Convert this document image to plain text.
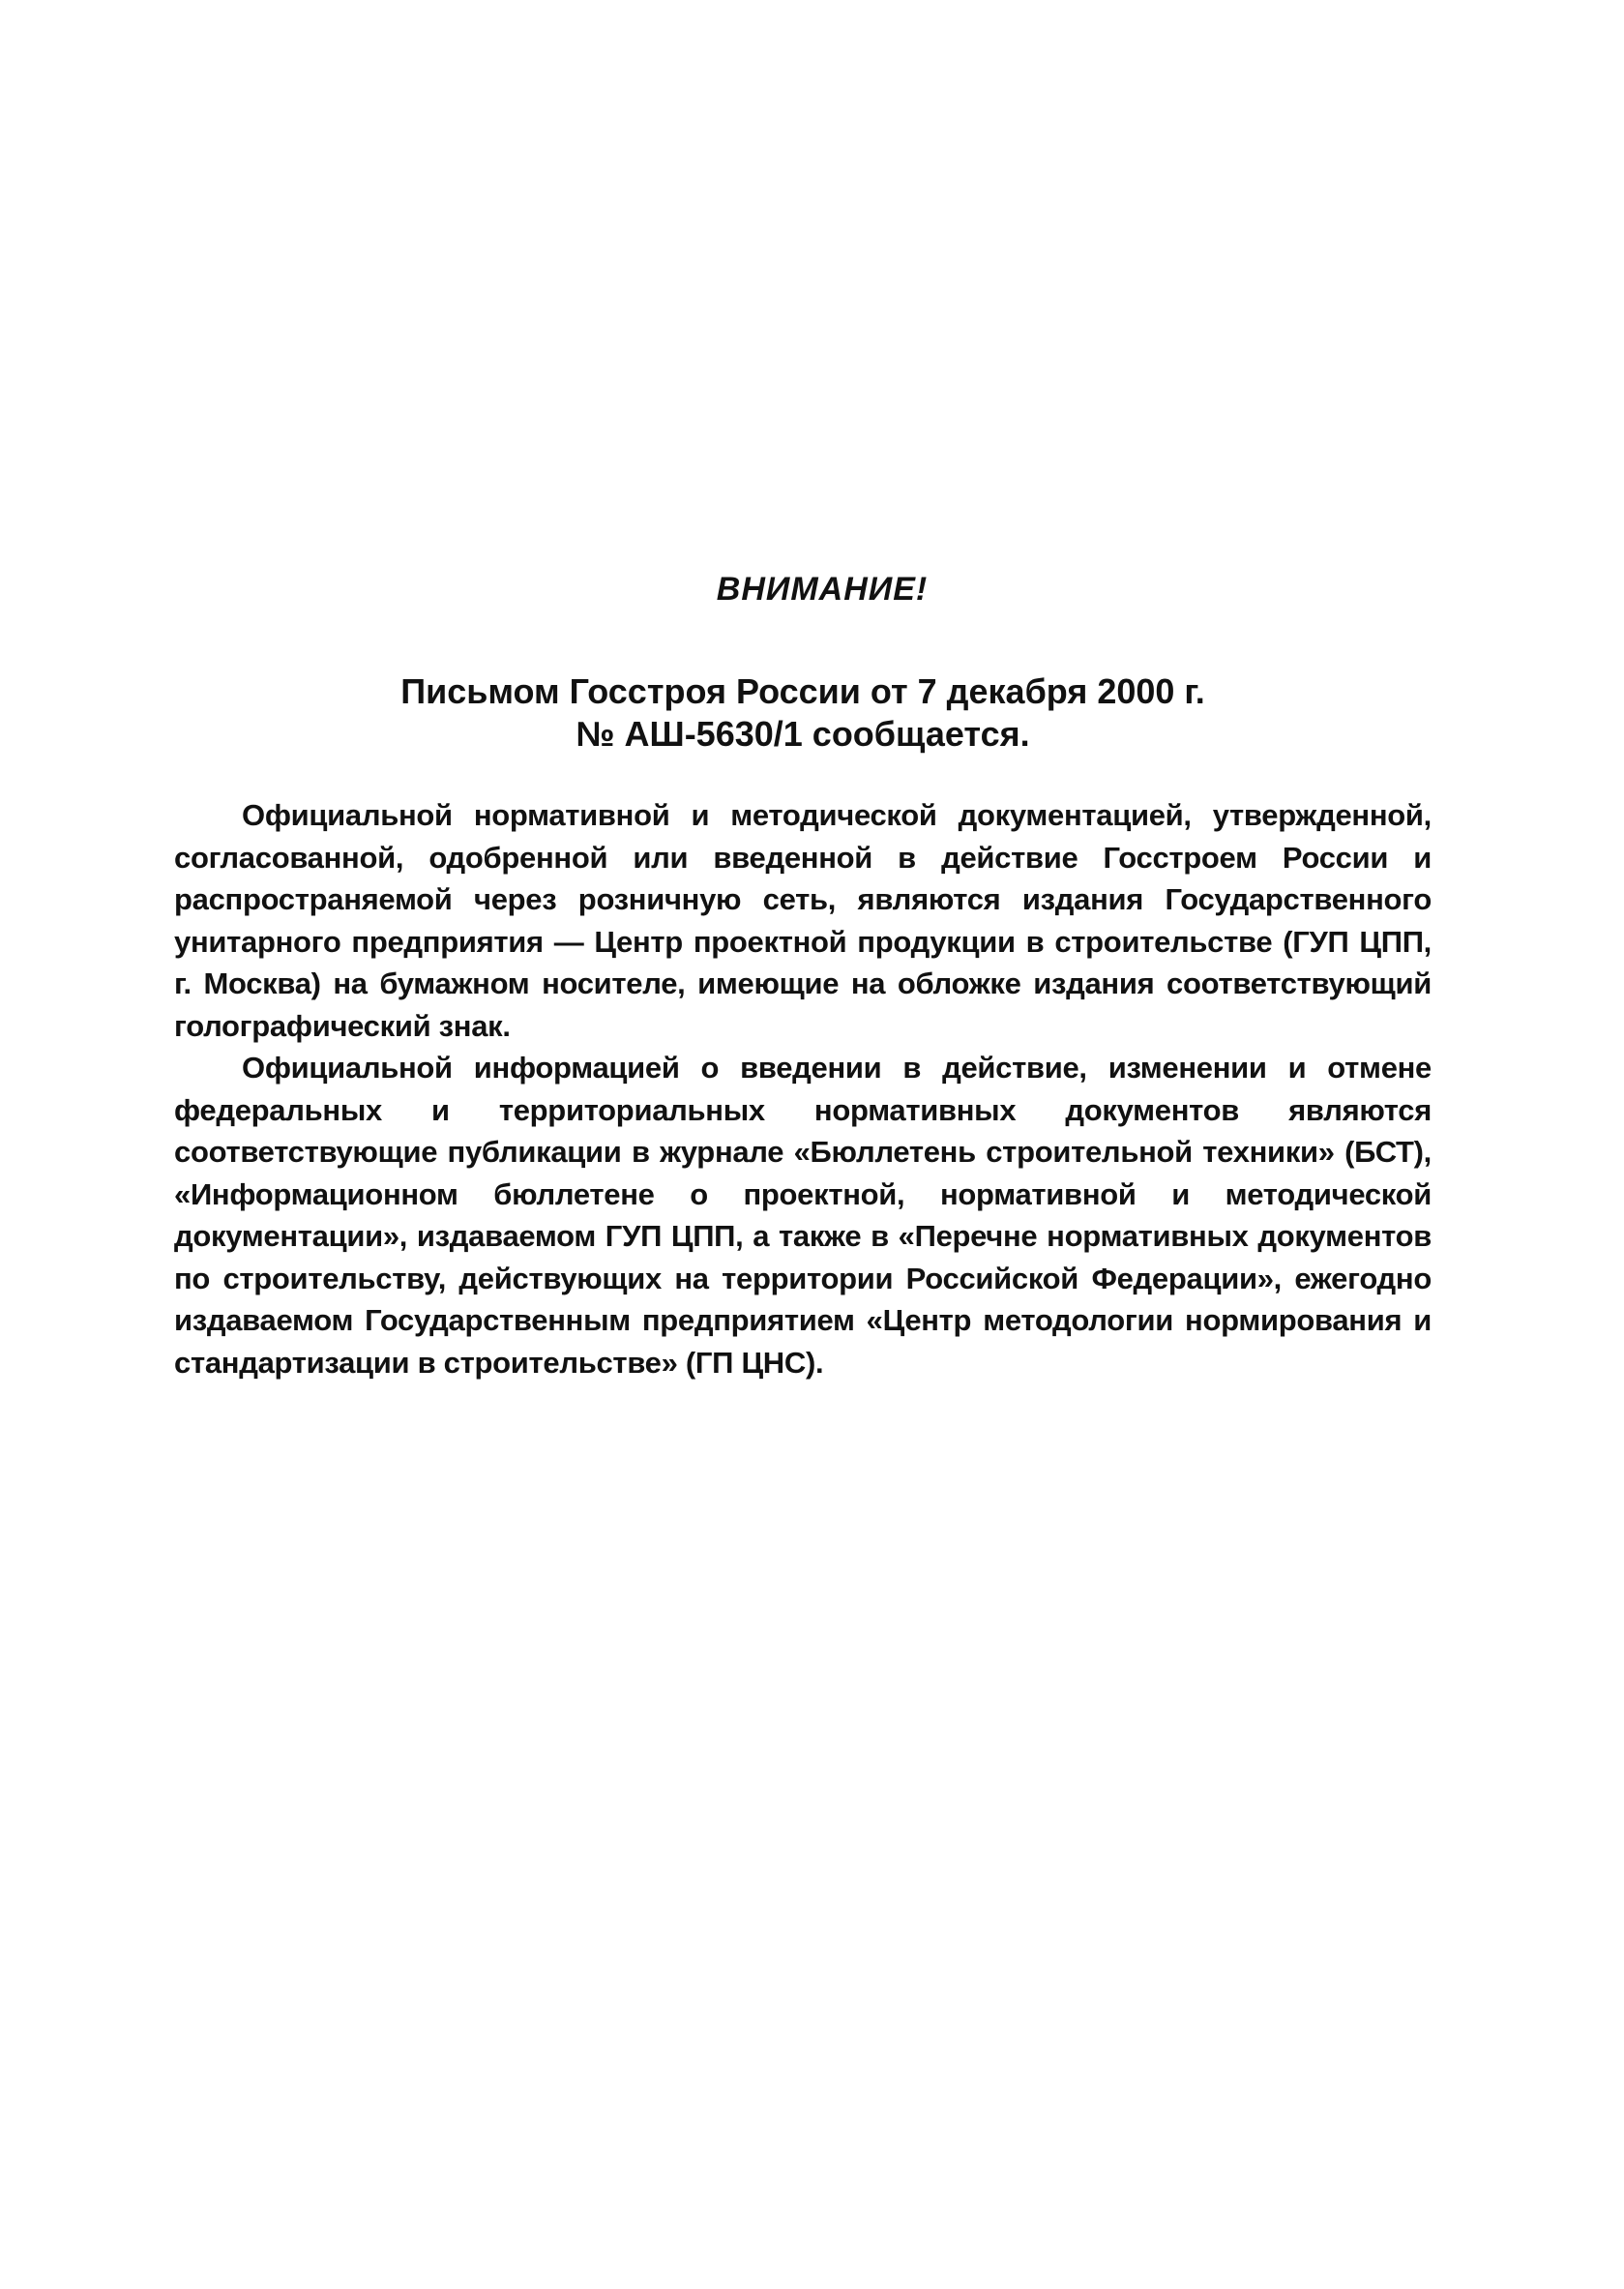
ВНИМАНИЕ!

Письмом Госстроя России от 7 декабря 2000 г.

№ АШ-5630/1 сообщается.

Официальной нормативной и методической документацией, утвержденной, согласованной, одобренной или введенной в действие Госстроем России и распространяемой через розничную сеть, являются издания Государственного унитарного предприятия — Центр проектной продукции в строительстве (ГУП ЦПП, г. Москва) на бумажном носителе, имеющие на обложке издания соответствующий голографический знак.

Официальной информацией о введении в действие, изменении и отмене федеральных и территориальных нормативных документов являются соответствующие публикации в журнале «Бюллетень строительной техники» (БСТ), «Информационном бюллетене о проектной, нормативной и методической документации», издаваемом ГУП ЦПП, а также в «Перечне нормативных документов по строительству, действующих на территории Российской Федерации», ежегодно издаваемом Государственным предприятием «Центр методологии нормирования и стандартизации в строительстве» (ГП ЦНС).
